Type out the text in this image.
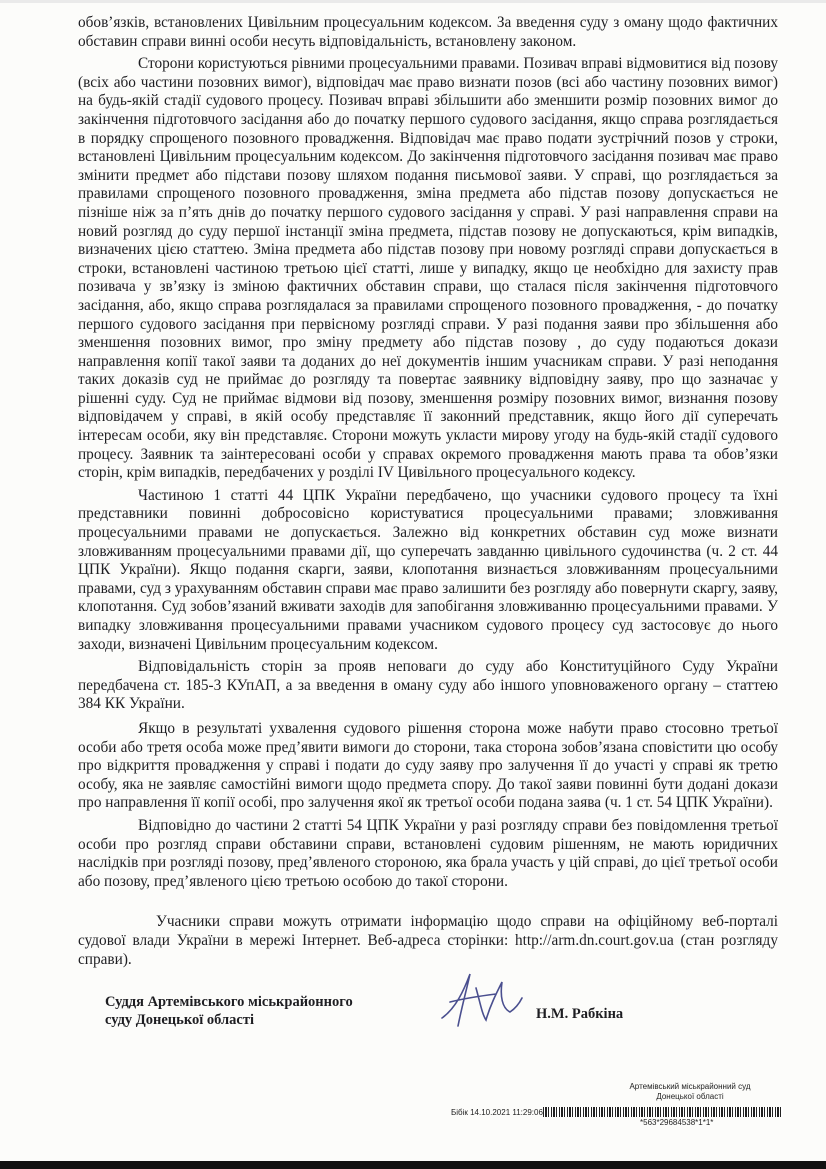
обов’язків, встановлених Цивільним процесуальним кодексом. За введення суду з оману щодо фактичних обставин справи винні особи несуть відповідальність, встановлену законом.

Сторони користуються рівними процесуальними правами. Позивач вправі відмовитися від позову (всіх або частини позовних вимог), відповідач має право визнати позов (всі або частину позовних вимог) на будь-якій стадії судового процесу. Позивач вправі збільшити або зменшити розмір позовних вимог до закінчення підготовчого засідання або до початку першого судового засідання, якщо справа розглядається в порядку спрощеного позовного провадження. Відповідач має право подати зустрічний позов у строки, встановлені Цивільним процесуальним кодексом. До закінчення підготовчого засідання позивач має право змінити предмет або підстави позову шляхом подання письмової заяви. У справі, що розглядається за правилами спрощеного позовного провадження, зміна предмета або підстав позову допускається не пізніше ніж за п’ять днів до початку першого судового засідання у справі. У разі направлення справи на новий розгляд до суду першої інстанції зміна предмета, підстав позову не допускаються, крім випадків, визначених цією статтею. Зміна предмета або підстав позову при новому розгляді справи допускається в строки, встановлені частиною третьою цієї статті, лише у випадку, якщо це необхідно для захисту прав позивача у зв’язку із зміною фактичних обставин справи, що сталася після закінчення підготовчого засідання, або, якщо справа розглядалася за правилами спрощеного позовного провадження, - до початку першого судового засідання при первісному розгляді справи. У разі подання заяви про збільшення або зменшення позовних вимог, про зміну предмету або підстав позову , до суду подаються докази направлення копії такої заяви та доданих до неї документів іншим учасникам справи. У разі неподання таких доказів суд не приймає до розгляду та повертає заявнику відповідну заяву, про що зазначає у рішенні суду. Суд не приймає відмови від позову, зменшення розміру позовних вимог, визнання позову відповідачем у справі, в якій особу представляє її законний представник, якщо його дії суперечать інтересам особи, яку він представляє. Сторони можуть укласти мирову угоду на будь-якій стадії судового процесу. Заявник та заінтересовані особи у справах окремого провадження мають права та обов’язки сторін, крім випадків, передбачених у розділі IV Цивільного процесуального кодексу.

Частиною 1 статті 44 ЦПК України передбачено, що учасники судового процесу та їхні представники повинні добросовісно користуватися процесуальними правами; зловживання процесуальними правами не допускається. Залежно від конкретних обставин суд може визнати зловживанням процесуальними правами дії, що суперечать завданню цивільного судочинства (ч. 2 ст. 44 ЦПК України). Якщо подання скарги, заяви, клопотання визнається зловживанням процесуальними правами, суд з урахуванням обставин справи має право залишити без розгляду або повернути скаргу, заяву, клопотання. Суд зобов’язаний вживати заходів для запобігання зловживанню процесуальними правами. У випадку зловживання процесуальними правами учасником судового процесу суд застосовує до нього заходи, визначені Цивільним процесуальним кодексом.

Відповідальність сторін за прояв неповаги до суду або Конституційного Суду України передбачена ст. 185-3 КУпАП, а за введення в оману суду або іншого уповноваженого органу – статтею 384 КК України.

Якщо в результаті ухвалення судового рішення сторона може набути право стосовно третьої особи або третя особа може пред’явити вимоги до сторони, така сторона зобов’язана сповістити цю особу про відкриття провадження у справі і подати до суду заяву про залучення її до участі у справі як третю особу, яка не заявляє самостійні вимоги щодо предмета спору. До такої заяви повинні бути додані докази про направлення її копії особі, про залучення якої як третьої особи подана заява (ч. 1 ст. 54 ЦПК України).

Відповідно до частини 2 статті 54 ЦПК України у разі розгляду справи без повідомлення третьої особи про розгляд справи обставини справи, встановлені судовим рішенням, не мають юридичних наслідків при розгляді позову, пред’явленого стороною, яка брала участь у цій справі, до цієї третьої особи або позову, пред’явленого цією третьою особою до такої сторони.

Учасники справи можуть отримати інформацію щодо справи на офіційному веб-порталі судової влади України в мережі Інтернет. Веб-адреса сторінки: http://arm.dn.court.gov.ua (стан розгляду справи).

Суддя Артемівського міськрайонного
суду Донецької області	Н.М. Рабкіна
Артемівський міськрайонний суд
Донецької області
Бібік 14.10.2021 11:29:06
*563*29684538*1*1*
